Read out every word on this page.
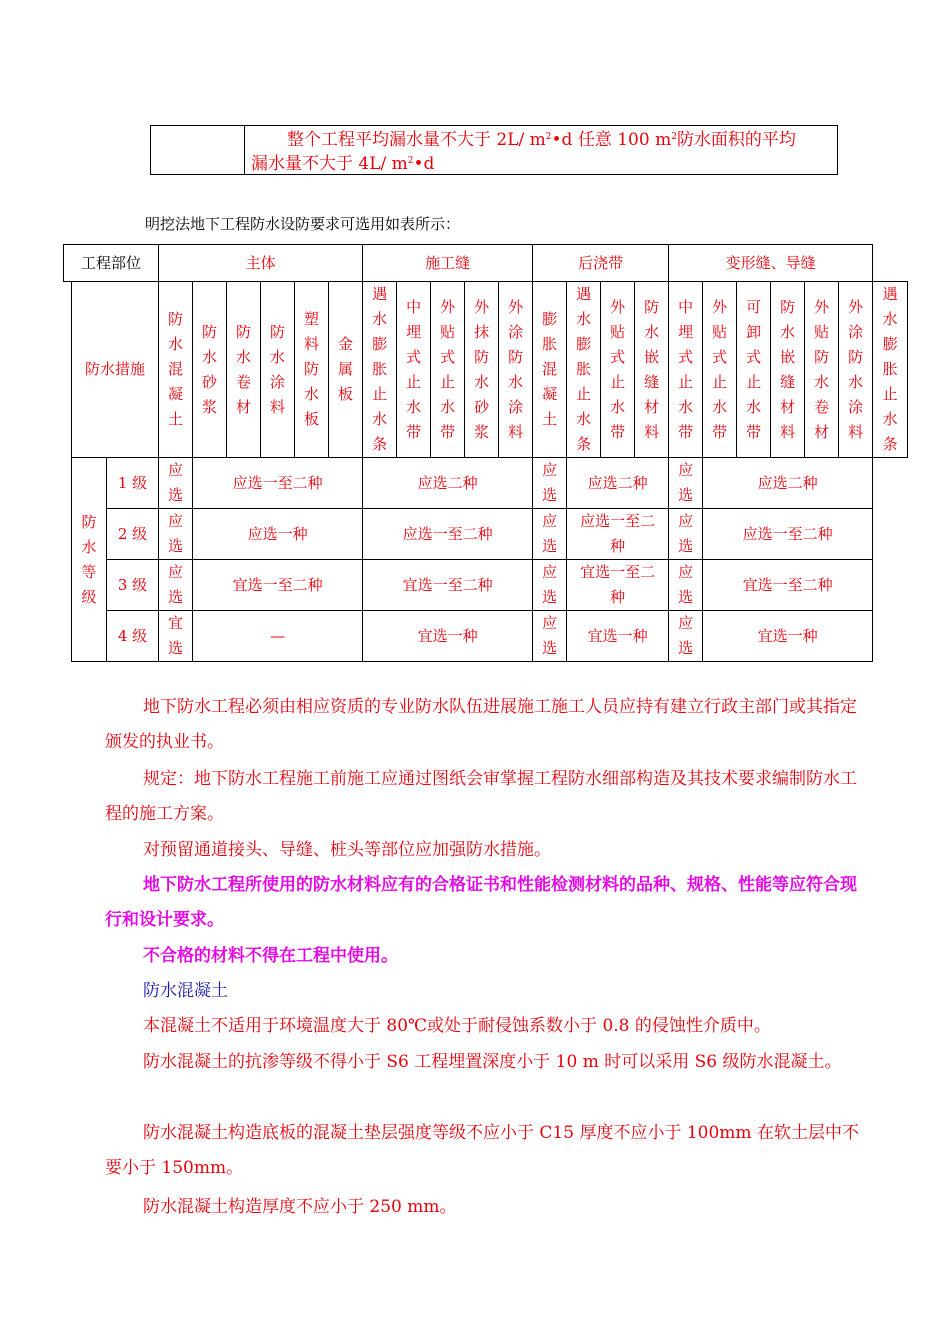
整个工程平均漏水量不大于 2L/ $m^2•d$ 任意 100 $m^2$防水面积的平均
漏水量不大于 4L/ $m^2•d$
明挖法地下工程防水设防要求可选用如表所示：
工程部位			主体						施工缝					后浇带				变形缝、导缝						
	防水措施		防水混凝土	防水砂浆	防水卷材	防水涂料	塑料防水板	金属板	遇水膨胀止水条	中埋式止水带	外贴式止水带	外抹防水砂浆	外涂防水涂料	膨胀混凝土	遇水膨胀止水条	外贴式止水带	防水嵌缝材料	中埋式止水带	外贴式止水带	可卸式止水带	防水嵌缝材料	外贴防水卷材	外涂防水涂料	遇水膨胀止水条

	防水等级	1 级	应选	应选一至二种					应选二种					应选	应选二种			应选	应选二种					
		2 级	应选	应选一种					应选一至二种					应选	应选一至二种			应选	应选一至二种					
		3 级	应选	宜选一至二种					宜选一至二种					应选	宜选一至二种			应选	宜选一至二种					
		4 级	宜选	—					宜选一种					应选	宜选一种			应选	宜选一种					
地下防水工程必须由相应资质的专业防水队伍进展施工施工人员应持有建立行政主部门或其指定颁发的执业书。
规定：地下防水工程施工前施工应通过图纸会审掌握工程防水细部构造及其技术要求编制防水工程的施工方案。
对预留通道接头、导缝、桩头等部位应加强防水措施。
地下防水工程所使用的防水材料应有的合格证书和性能检测材料的品种、规格、性能等应符合现行和设计要求。
不合格的材料不得在工程中使用。
防水混凝土
本混凝土不适用于环境温度大于 80℃或处于耐侵蚀系数小于 0.8 的侵蚀性介质中。
防水混凝土的抗渗等级不得小于 S6 工程埋置深度小于 10 m 时可以采用 S6 级防水混凝土。
防水混凝土构造底板的混凝土垫层强度等级不应小于 C15 厚度不应小于 100mm 在软土层中不要小于 150mm。
防水混凝土构造厚度不应小于 250 mm。
